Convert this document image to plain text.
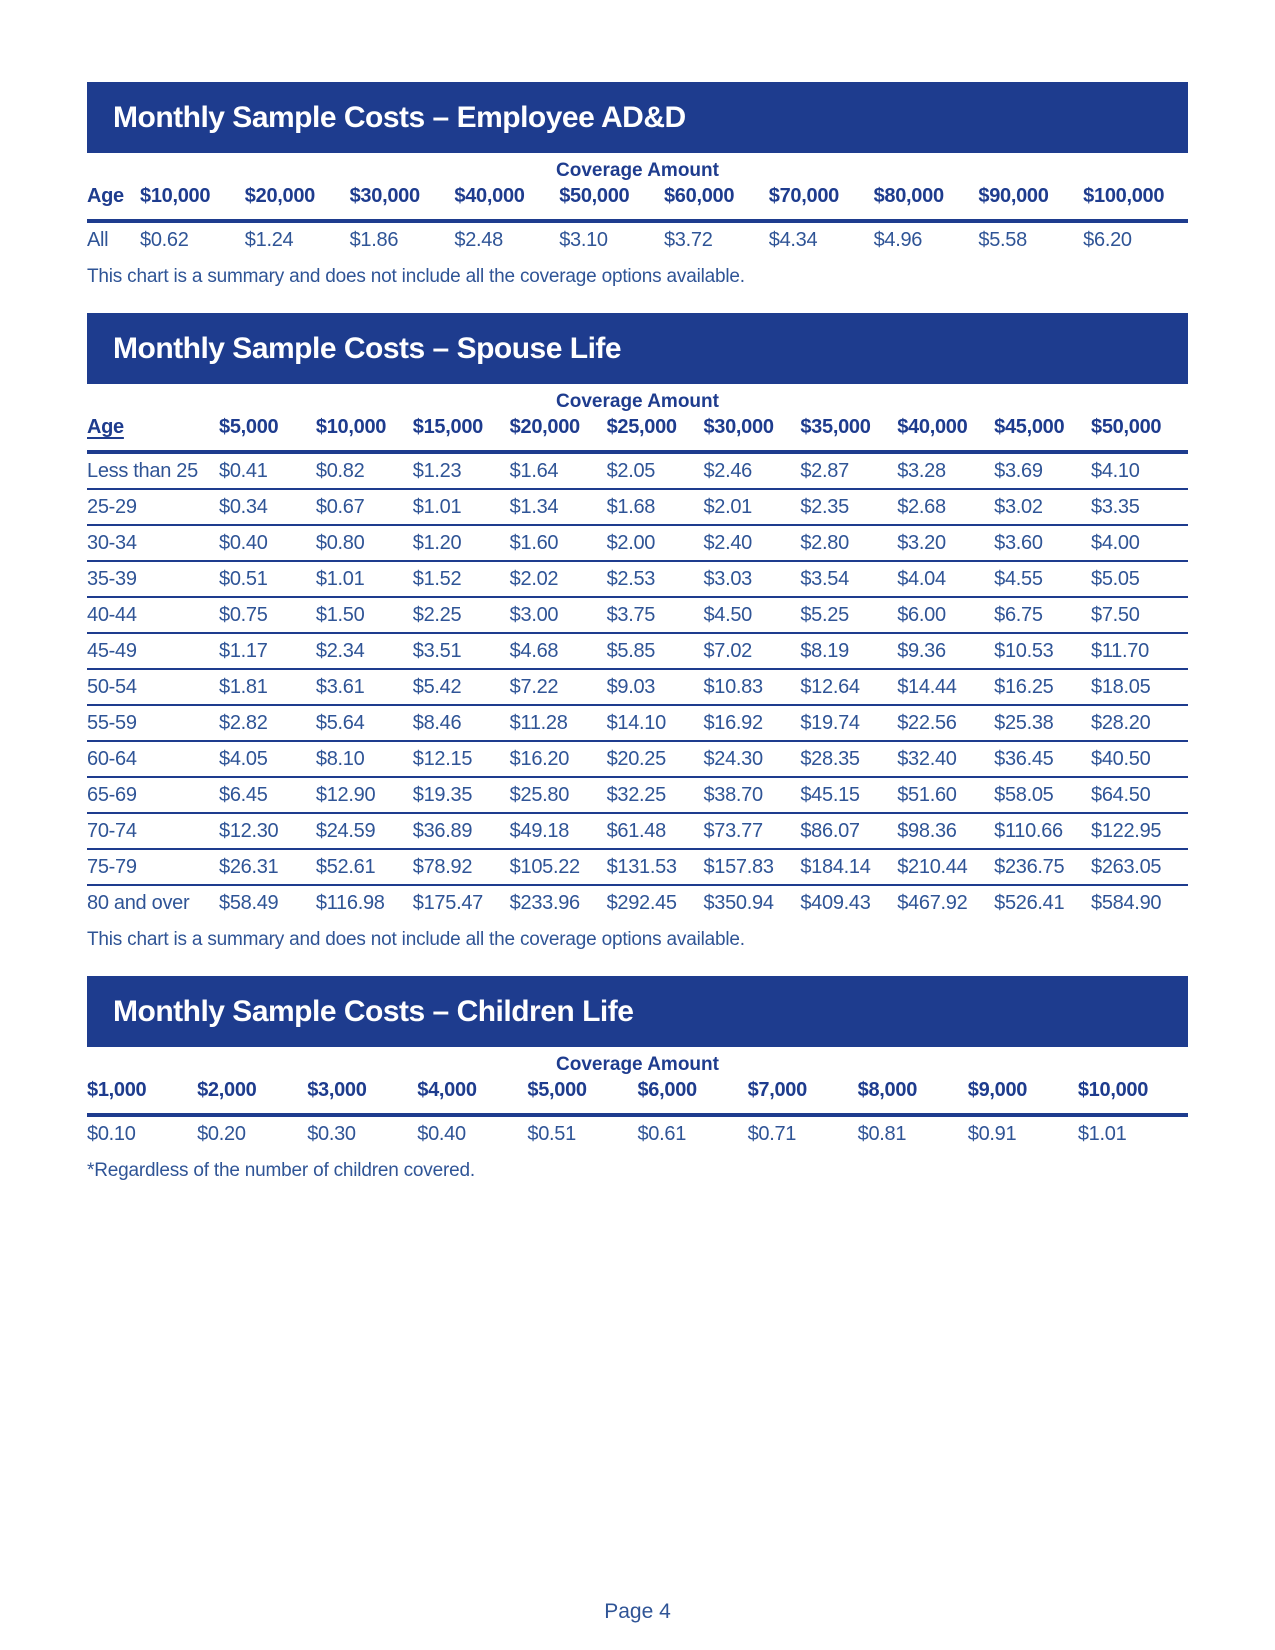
Monthly Sample Costs – Employee AD&D
Coverage Amount
Age	$10,000	$20,000	$30,000	$40,000	$50,000	$60,000	$70,000	$80,000	$90,000	$100,000
All	$0.62	$1.24	$1.86	$2.48	$3.10	$3.72	$4.34	$4.96	$5.58	$6.20
This chart is a summary and does not include all the coverage options available.
Monthly Sample Costs – Spouse Life
Coverage Amount
Age	$5,000	$10,000	$15,000	$20,000	$25,000	$30,000	$35,000	$40,000	$45,000	$50,000
Less than 25	$0.41	$0.82	$1.23	$1.64	$2.05	$2.46	$2.87	$3.28	$3.69	$4.10
25-29	$0.34	$0.67	$1.01	$1.34	$1.68	$2.01	$2.35	$2.68	$3.02	$3.35
30-34	$0.40	$0.80	$1.20	$1.60	$2.00	$2.40	$2.80	$3.20	$3.60	$4.00
35-39	$0.51	$1.01	$1.52	$2.02	$2.53	$3.03	$3.54	$4.04	$4.55	$5.05
40-44	$0.75	$1.50	$2.25	$3.00	$3.75	$4.50	$5.25	$6.00	$6.75	$7.50
45-49	$1.17	$2.34	$3.51	$4.68	$5.85	$7.02	$8.19	$9.36	$10.53	$11.70
50-54	$1.81	$3.61	$5.42	$7.22	$9.03	$10.83	$12.64	$14.44	$16.25	$18.05
55-59	$2.82	$5.64	$8.46	$11.28	$14.10	$16.92	$19.74	$22.56	$25.38	$28.20
60-64	$4.05	$8.10	$12.15	$16.20	$20.25	$24.30	$28.35	$32.40	$36.45	$40.50
65-69	$6.45	$12.90	$19.35	$25.80	$32.25	$38.70	$45.15	$51.60	$58.05	$64.50
70-74	$12.30	$24.59	$36.89	$49.18	$61.48	$73.77	$86.07	$98.36	$110.66	$122.95
75-79	$26.31	$52.61	$78.92	$105.22	$131.53	$157.83	$184.14	$210.44	$236.75	$263.05
80 and over	$58.49	$116.98	$175.47	$233.96	$292.45	$350.94	$409.43	$467.92	$526.41	$584.90
This chart is a summary and does not include all the coverage options available.
Monthly Sample Costs – Children Life
Coverage Amount
$1,000	$2,000	$3,000	$4,000	$5,000	$6,000	$7,000	$8,000	$9,000	$10,000
$0.10	$0.20	$0.30	$0.40	$0.51	$0.61	$0.71	$0.81	$0.91	$1.01
*Regardless of the number of children covered.
Page 4
